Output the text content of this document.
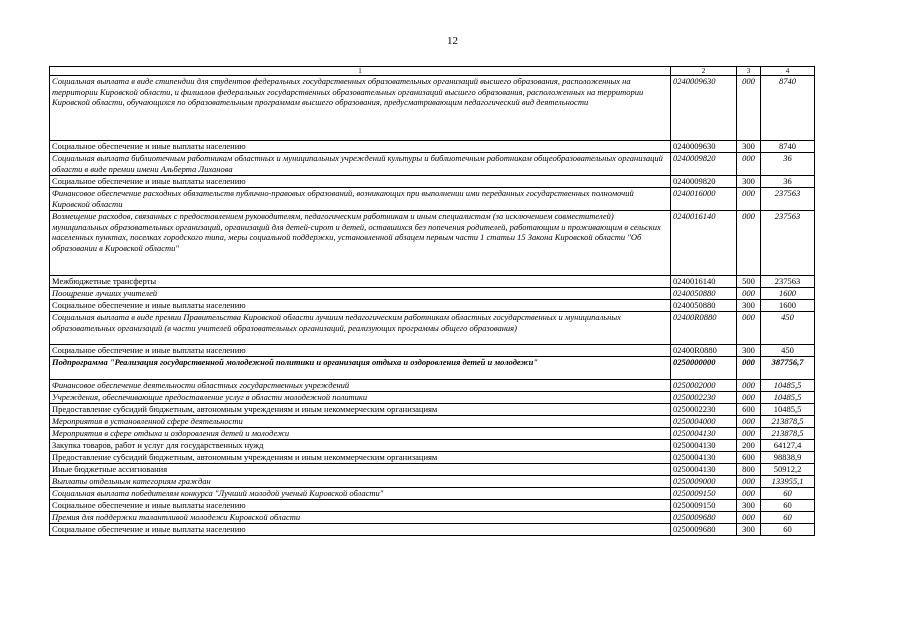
12
1	2	3	4
Социальная выплата в виде стипендии для студентов федеральных государственных образовательных организаций высшего образования, расположенных на территории Кировской области, и филиалов федеральных государственных образовательных организаций высшего образования, расположенных на территории Кировской области, обучающихся по образовательным программам высшего образования, предусматривающим педагогический вид деятельности	0240009630	000	8740
Социальное обеспечение и иные выплаты населению	0240009630	300	8740
Социальная выплата библиотечным работникам областных и муниципальных учреждений культуры и библиотечным работникам общеобразовательных организаций области в виде премии имени Альберта Лиханова	0240009820	000	36
Социальное обеспечение и иные выплаты населению	0240009820	300	36
Финансовое обеспечение расходных обязательств публично-правовых образований, возникающих при выполнении ими переданных государственных полномочий Кировской области	0240016000	000	237563
Возмещение расходов, связанных с предоставлением руководителям, педагогическим работникам и иным специалистам (за исключением совместителей) муниципальных образовательных организаций, организаций для детей-сирот и детей, оставшихся без попечения родителей, работающим и проживающим в сельских населенных пунктах, поселках городского типа, меры социальной поддержки, установленной абзацем первым части 1 статьи 15 Закона Кировской области "Об образовании в Кировской области"	0240016140	000	237563
Межбюджетные трансферты	0240016140	500	237563
Поощрение лучших учителей	0240050880	000	1600
Социальное обеспечение и иные выплаты населению	0240050880	300	1600
Социальная выплата в виде премии Правительства Кировской области лучшим педагогическим работникам областных государственных и муниципальных образовательных организаций (в части учителей образовательных организаций, реализующих программы общего образования)	02400R0880	000	450
Социальное обеспечение и иные выплаты населению	02400R0880	300	450
Подпрограмма "Реализация государственной молодежной политики и организация отдыха и оздоровления детей и молодежи"	0250000000	000	387756,7
Финансовое обеспечение деятельности областных государственных учреждений	0250002000	000	10485,5
Учреждения, обеспечивающие предоставление услуг в области молодежной политики	0250002230	000	10485,5
Предоставление субсидий бюджетным, автономным учреждениям и иным некоммерческим организациям	0250002230	600	10485,5
Мероприятия в установленной сфере деятельности	0250004000	000	213878,5
Мероприятия в сфере отдыха и оздоровления детей и молодежи	0250004130	000	213878,5
Закупка товаров, работ и услуг для государственных нужд	0250004130	200	64127,4
Предоставление субсидий бюджетным, автономным учреждениям и иным некоммерческим организациям	0250004130	600	98838,9
Иные бюджетные ассигнования	0250004130	800	50912,2
Выплаты отдельным категориям граждан	0250009000	000	133955,1
Социальная выплата победителям конкурса "Лучший молодой ученый Кировской области"	0250009150	000	60
Социальное обеспечение и иные выплаты населению	0250009150	300	60
Премия для поддержки талантливой молодежи Кировской области	0250009680	000	60
Социальное обеспечение и иные выплаты населению	0250009680	300	60
